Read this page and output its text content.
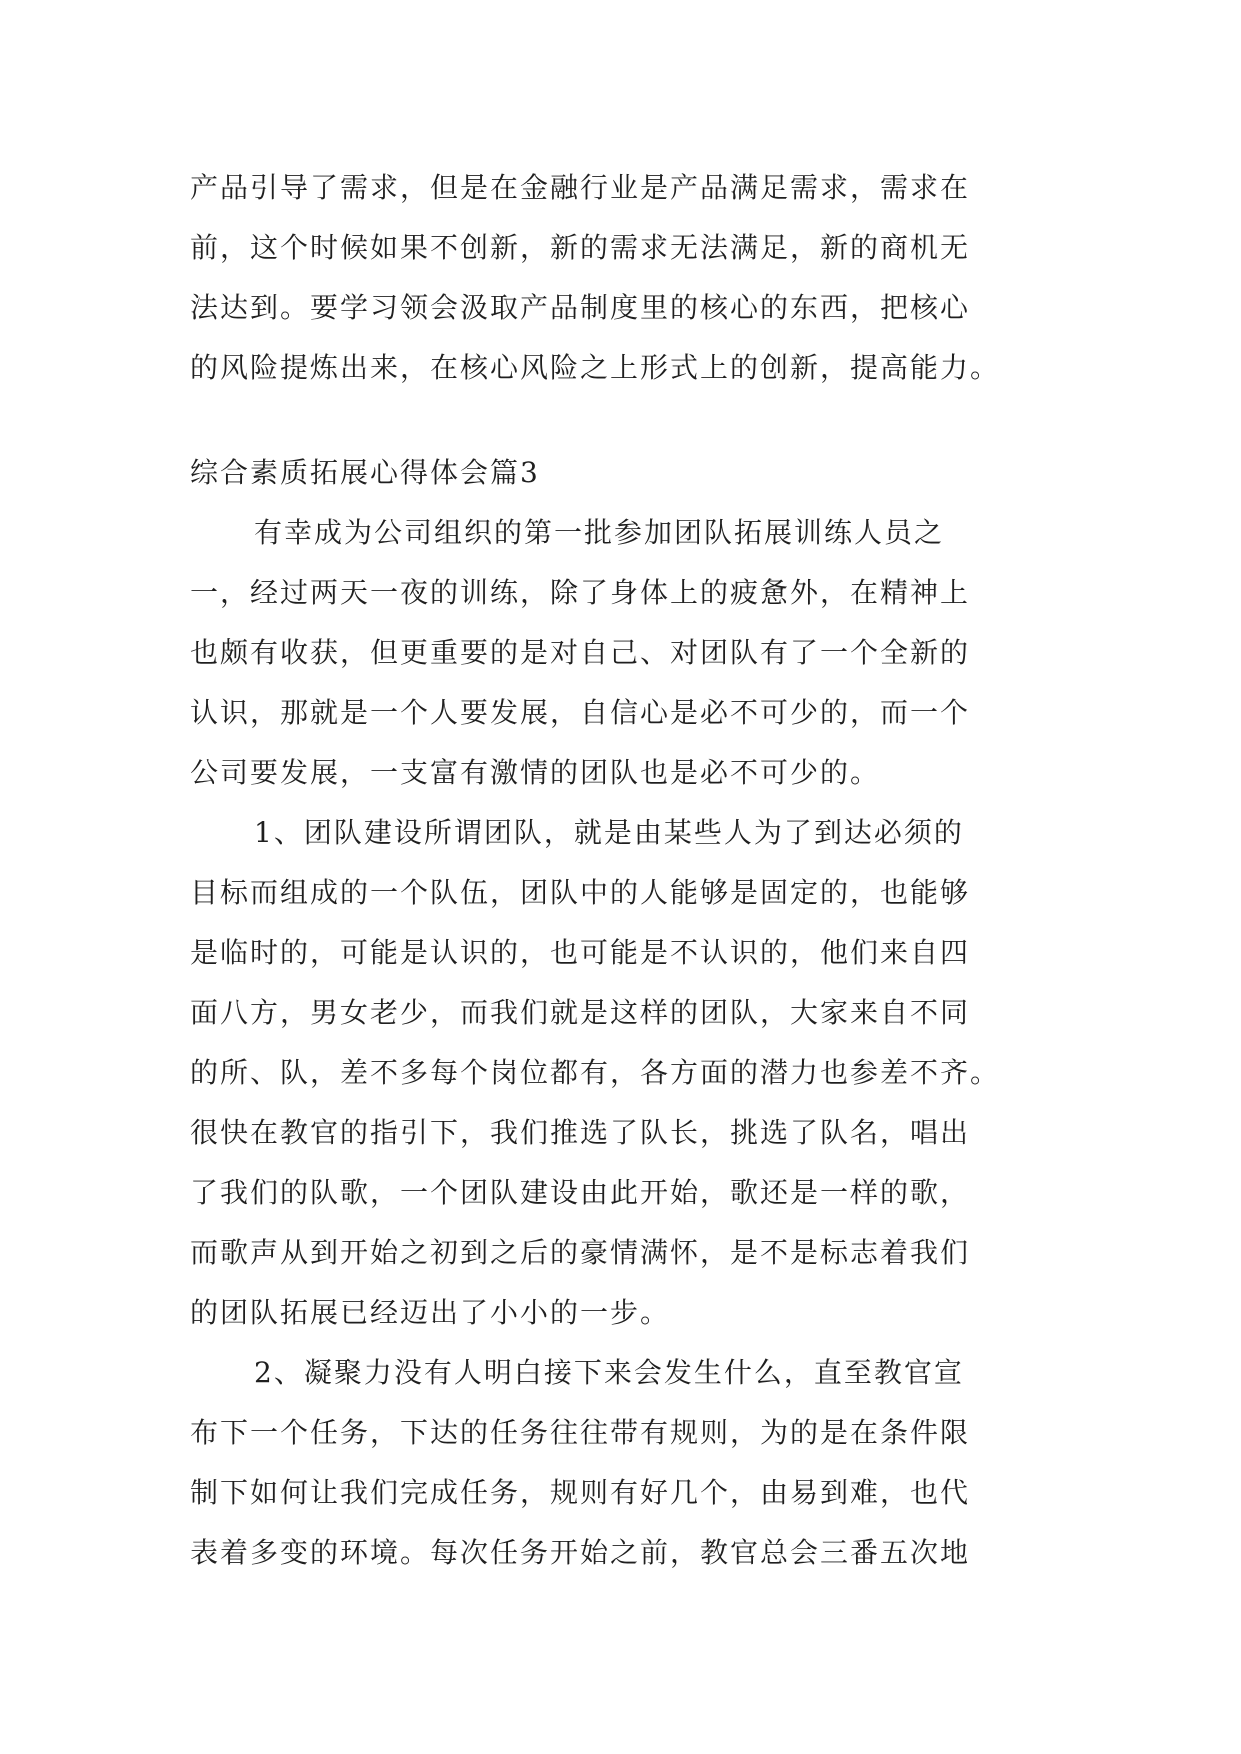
产品引导了需求，但是在金融行业是产品满足需求，需求在
前，这个时候如果不创新，新的需求无法满足，新的商机无
法达到。要学习领会汲取产品制度里的核心的东西，把核心
的风险提炼出来，在核心风险之上形式上的创新，提高能力。
综合素质拓展心得体会篇3
有幸成为公司组织的第一批参加团队拓展训练人员之
一，经过两天一夜的训练，除了身体上的疲惫外，在精神上
也颇有收获，但更重要的是对自己、对团队有了一个全新的
认识，那就是一个人要发展，自信心是必不可少的，而一个
公司要发展，一支富有激情的团队也是必不可少的。
1、团队建设所谓团队，就是由某些人为了到达必须的
目标而组成的一个队伍，团队中的人能够是固定的，也能够
是临时的，可能是认识的，也可能是不认识的，他们来自四
面八方，男女老少，而我们就是这样的团队，大家来自不同
的所、队，差不多每个岗位都有，各方面的潜力也参差不齐。
很快在教官的指引下，我们推选了队长，挑选了队名，唱出
了我们的队歌，一个团队建设由此开始，歌还是一样的歌，
而歌声从到开始之初到之后的豪情满怀，是不是标志着我们
的团队拓展已经迈出了小小的一步。
2、凝聚力没有人明白接下来会发生什么，直至教官宣
布下一个任务，下达的任务往往带有规则，为的是在条件限
制下如何让我们完成任务，规则有好几个，由易到难，也代
表着多变的环境。每次任务开始之前，教官总会三番五次地
